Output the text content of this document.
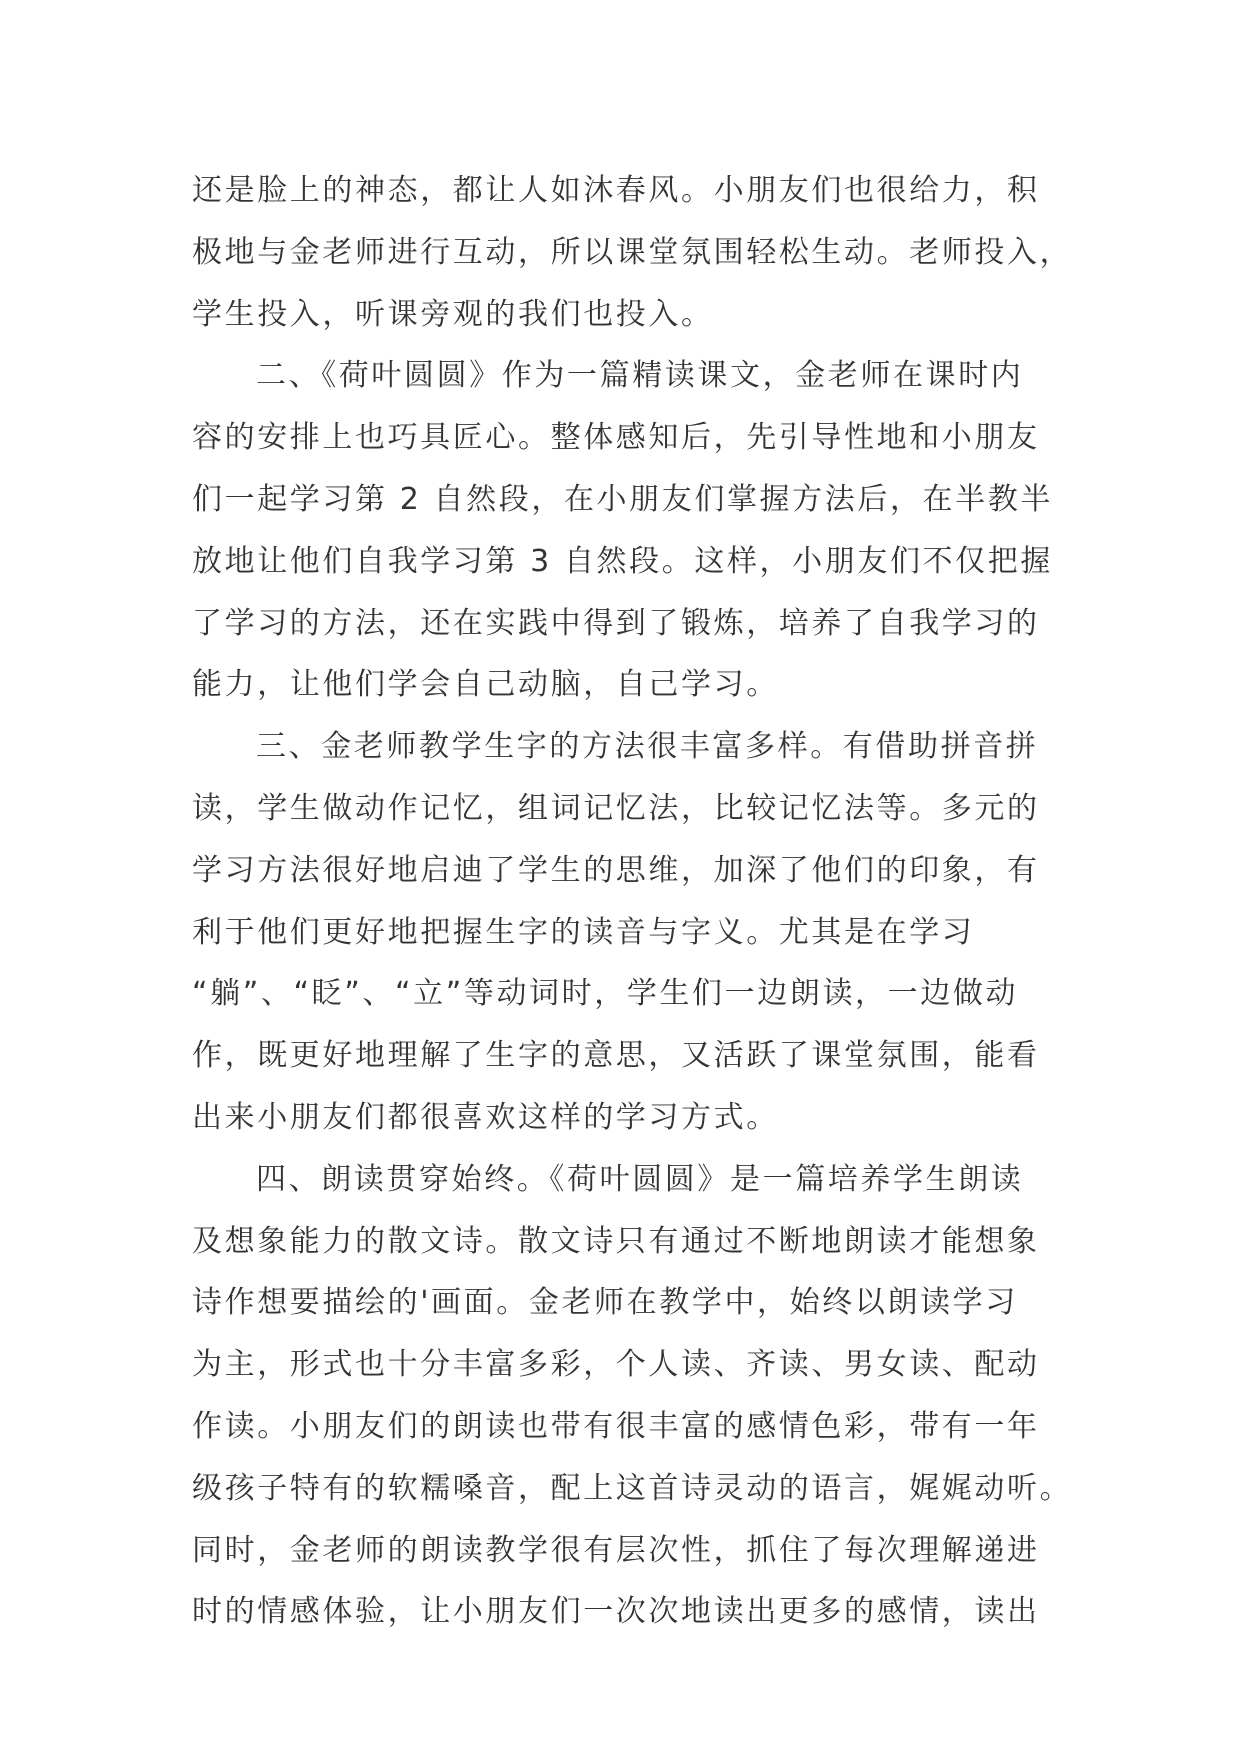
还是脸上的神态，都让人如沐春风。小朋友们也很给力，积
极地与金老师进行互动，所以课堂氛围轻松生动。老师投入，
学生投入，听课旁观的我们也投入。
二、《荷叶圆圆》作为一篇精读课文，金老师在课时内
容的安排上也巧具匠心。整体感知后，先引导性地和小朋友
们一起学习第 2 自然段，在小朋友们掌握方法后，在半教半
放地让他们自我学习第 3 自然段。这样，小朋友们不仅把握
了学习的方法，还在实践中得到了锻炼，培养了自我学习的
能力，让他们学会自己动脑，自己学习。
三、金老师教学生字的方法很丰富多样。有借助拼音拼
读，学生做动作记忆，组词记忆法，比较记忆法等。多元的
学习方法很好地启迪了学生的思维，加深了他们的印象，有
利于他们更好地把握生字的读音与字义。尤其是在学习
“躺”、“眨”、“立”等动词时，学生们一边朗读，一边做动
作，既更好地理解了生字的意思，又活跃了课堂氛围，能看
出来小朋友们都很喜欢这样的学习方式。
四、朗读贯穿始终。《荷叶圆圆》是一篇培养学生朗读
及想象能力的散文诗。散文诗只有通过不断地朗读才能想象
诗作想要描绘的'画面。金老师在教学中，始终以朗读学习
为主，形式也十分丰富多彩，个人读、齐读、男女读、配动
作读。小朋友们的朗读也带有很丰富的感情色彩，带有一年
级孩子特有的软糯嗓音，配上这首诗灵动的语言，娓娓动听。
同时，金老师的朗读教学很有层次性，抓住了每次理解递进
时的情感体验，让小朋友们一次次地读出更多的感情，读出
